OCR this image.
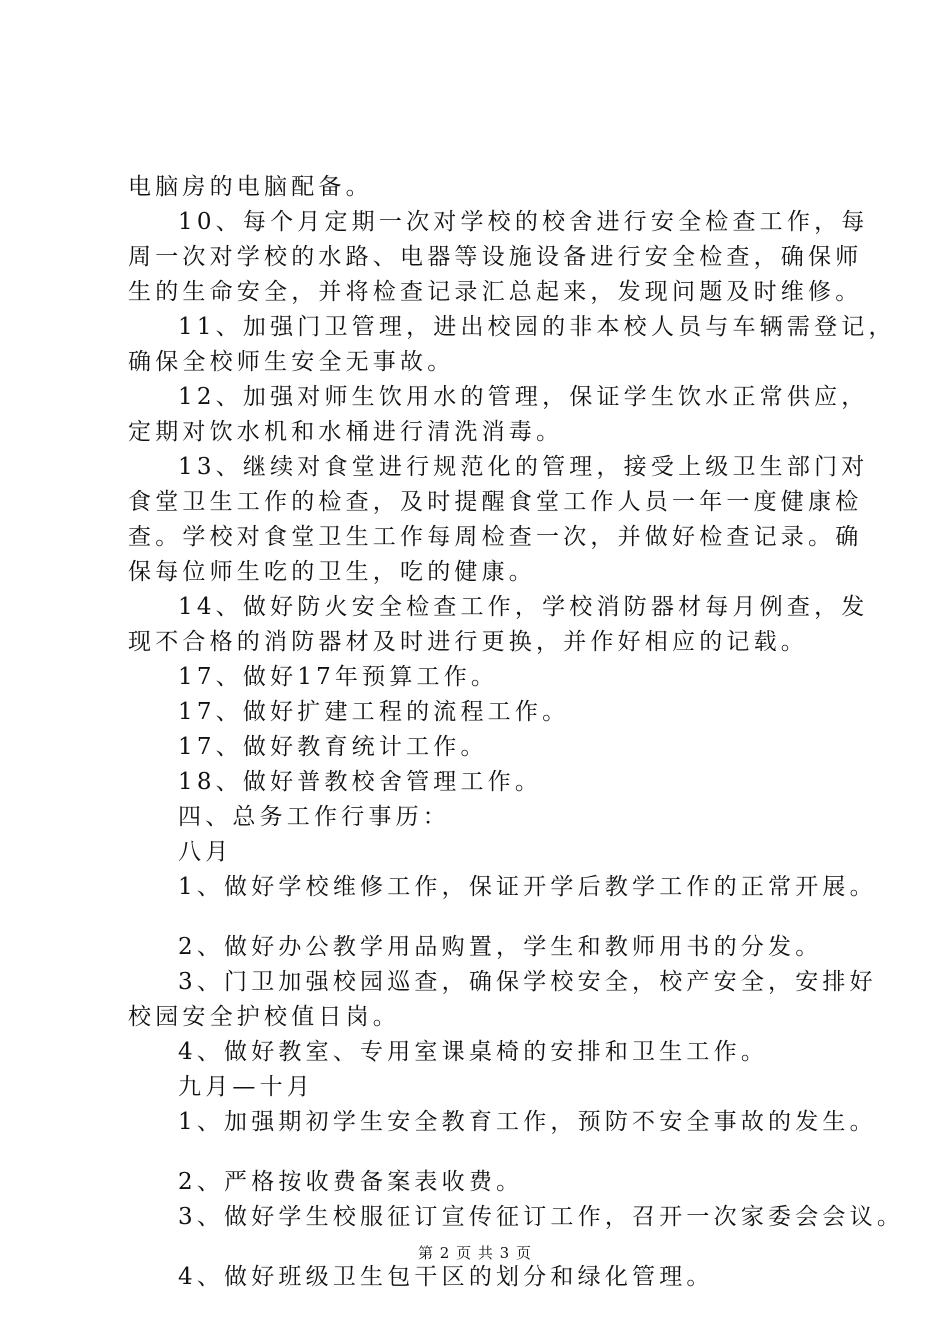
电脑房的电脑配备。
10、每个月定期一次对学校的校舍进行安全检查工作，每
周一次对学校的水路、电器等设施设备进行安全检查，确保师
生的生命安全，并将检查记录汇总起来，发现问题及时维修。
11、加强门卫管理，进出校园的非本校人员与车辆需登记，
确保全校师生安全无事故。
12、加强对师生饮用水的管理，保证学生饮水正常供应，
定期对饮水机和水桶进行清洗消毒。
13、继续对食堂进行规范化的管理，接受上级卫生部门对
食堂卫生工作的检查，及时提醒食堂工作人员一年一度健康检
查。学校对食堂卫生工作每周检查一次，并做好检查记录。确
保每位师生吃的卫生，吃的健康。
14、做好防火安全检查工作，学校消防器材每月例查，发
现不合格的消防器材及时进行更换，并作好相应的记载。
17、做好17年预算工作。
17、做好扩建工程的流程工作。
17、做好教育统计工作。
18、做好普教校舍管理工作。
四、总务工作行事历：
八月
1、做好学校维修工作，保证开学后教学工作的正常开展。
2、做好办公教学用品购置，学生和教师用书的分发。
3、门卫加强校园巡查，确保学校安全，校产安全，安排好
校园安全护校值日岗。
4、做好教室、专用室课桌椅的安排和卫生工作。
九月—十月
1、加强期初学生安全教育工作，预防不安全事故的发生。
2、严格按收费备案表收费。
3、做好学生校服征订宣传征订工作，召开一次家委会会议。
4、做好班级卫生包干区的划分和绿化管理。
第 2 页 共 3 页
